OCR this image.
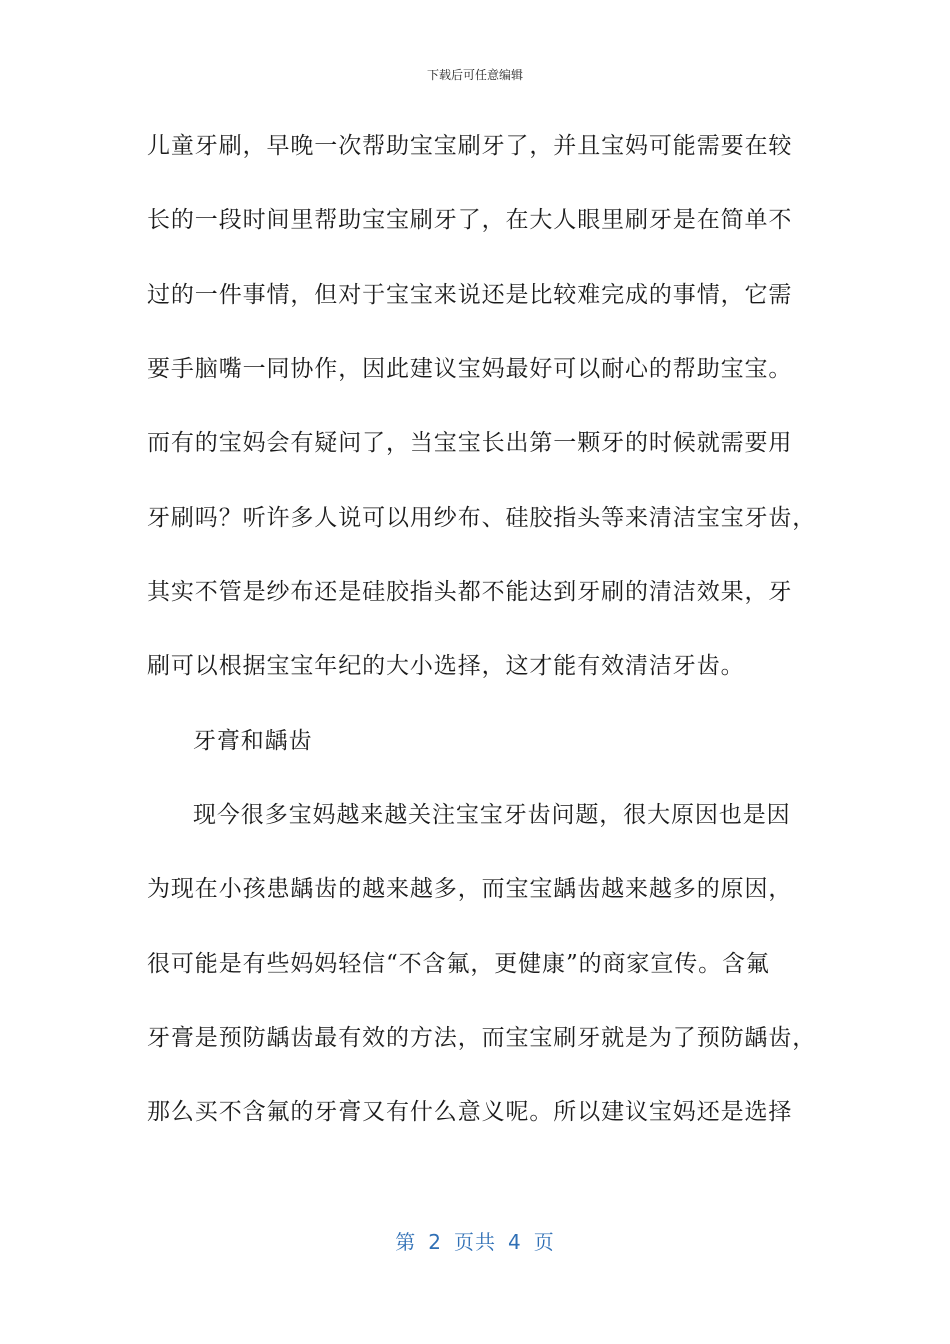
下载后可任意编辑
儿童牙刷，早晚一次帮助宝宝刷牙了，并且宝妈可能需要在较
长的一段时间里帮助宝宝刷牙了，在大人眼里刷牙是在简单不
过的一件事情，但对于宝宝来说还是比较难完成的事情，它需
要手脑嘴一同协作，因此建议宝妈最好可以耐心的帮助宝宝。
而有的宝妈会有疑问了，当宝宝长出第一颗牙的时候就需要用
牙刷吗？听许多人说可以用纱布、硅胶指头等来清洁宝宝牙齿，
其实不管是纱布还是硅胶指头都不能达到牙刷的清洁效果，牙
刷可以根据宝宝年纪的大小选择，这才能有效清洁牙齿。
牙膏和龋齿
现今很多宝妈越来越关注宝宝牙齿问题，很大原因也是因
为现在小孩患龋齿的越来越多，而宝宝龋齿越来越多的原因，
很可能是有些妈妈轻信“不含氟，更健康”的商家宣传。含氟
牙膏是预防龋齿最有效的方法，而宝宝刷牙就是为了预防龋齿，
那么买不含氟的牙膏又有什么意义呢。所以建议宝妈还是选择
第 2 页共 4 页
